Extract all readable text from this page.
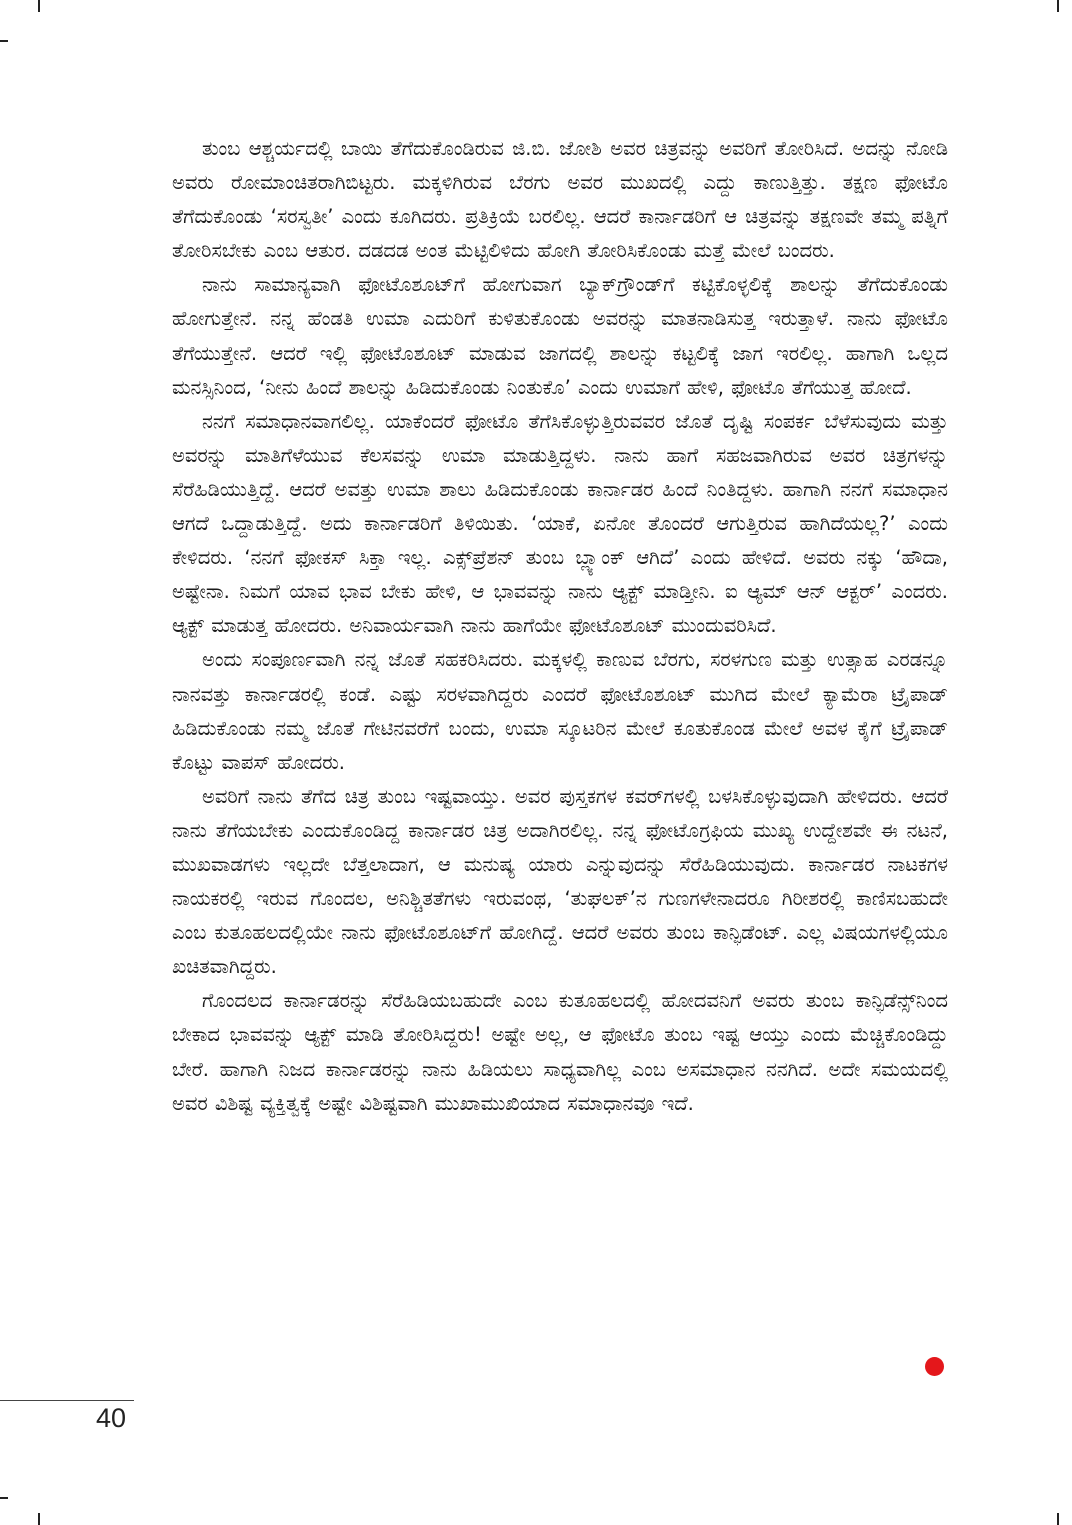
ತುಂಬ ಆಶ್ಚರ್ಯದಲ್ಲಿ ಬಾಯಿ ತೆಗೆದುಕೊಂಡಿರುವ ಜಿ.ಬಿ. ಜೋಶಿ ಅವರ ಚಿತ್ರವನ್ನು ಅವರಿಗೆ ತೋರಿಸಿದೆ. ಅದನ್ನು ನೋಡಿ ಅವರು ರೋಮಾಂಚಿತರಾಗಿಬಿಟ್ಟರು. ಮಕ್ಕಳಿಗಿರುವ ಬೆರಗು ಅವರ ಮುಖದಲ್ಲಿ ಎದ್ದು ಕಾಣುತ್ತಿತ್ತು. ತಕ್ಷಣ ಫೋಟೊ ತೆಗೆದುಕೊಂಡು ‘ಸರಸ್ವತೀ’ ಎಂದು ಕೂಗಿದರು. ಪ್ರತಿಕ್ರಿಯೆ ಬರಲಿಲ್ಲ. ಆದರೆ ಕಾರ್ನಾಡರಿಗೆ ಆ ಚಿತ್ರವನ್ನು ತಕ್ಷಣವೇ ತಮ್ಮ ಪತ್ನಿಗೆ ತೋರಿಸಬೇಕು ಎಂಬ ಆತುರ. ದಡದಡ ಅಂತ ಮೆಟ್ಟಿಲಿಳಿದು ಹೋಗಿ ತೋರಿಸಿಕೊಂಡು ಮತ್ತೆ ಮೇಲೆ ಬಂದರು.

ನಾನು ಸಾಮಾನ್ಯವಾಗಿ ಫೋಟೊಶೂಟ್‌ಗೆ ಹೋಗುವಾಗ ಬ್ಯಾಕ್‌ಗ್ರೌಂಡ್‌ಗೆ ಕಟ್ಟಿಕೊಳ್ಳಲಿಕ್ಕೆ ಶಾಲನ್ನು ತೆಗೆದುಕೊಂಡು ಹೋಗುತ್ತೇನೆ. ನನ್ನ ಹೆಂಡತಿ ಉಮಾ ಎದುರಿಗೆ ಕುಳಿತುಕೊಂಡು ಅವರನ್ನು ಮಾತನಾಡಿಸುತ್ತ ಇರುತ್ತಾಳೆ. ನಾನು ಫೋಟೊ ತೆಗೆಯುತ್ತೇನೆ. ಆದರೆ ಇಲ್ಲಿ ಫೋಟೊಶೂಟ್ ಮಾಡುವ ಜಾಗದಲ್ಲಿ ಶಾಲನ್ನು ಕಟ್ಟಲಿಕ್ಕೆ ಜಾಗ ಇರಲಿಲ್ಲ. ಹಾಗಾಗಿ ಒಲ್ಲದ ಮನಸ್ಸಿನಿಂದ, ‘ನೀನು ಹಿಂದೆ ಶಾಲನ್ನು ಹಿಡಿದುಕೊಂಡು ನಿಂತುಕೊ’ ಎಂದು ಉಮಾಗೆ ಹೇಳಿ, ಫೋಟೊ ತೆಗೆಯುತ್ತ ಹೋದೆ.

ನನಗೆ ಸಮಾಧಾನವಾಗಲಿಲ್ಲ. ಯಾಕೆಂದರೆ ಫೋಟೊ ತೆಗೆಸಿಕೊಳ್ಳುತ್ತಿರುವವರ ಜೊತೆ ದೃಷ್ಟಿ ಸಂಪರ್ಕ ಬೆಳೆಸುವುದು ಮತ್ತು ಅವರನ್ನು ಮಾತಿಗೆಳೆಯುವ ಕೆಲಸವನ್ನು ಉಮಾ ಮಾಡುತ್ತಿದ್ದಳು. ನಾನು ಹಾಗೆ ಸಹಜವಾಗಿರುವ ಅವರ ಚಿತ್ರಗಳನ್ನು ಸೆರೆಹಿಡಿಯುತ್ತಿದ್ದೆ. ಆದರೆ ಅವತ್ತು ಉಮಾ ಶಾಲು ಹಿಡಿದುಕೊಂಡು ಕಾರ್ನಾಡರ ಹಿಂದೆ ನಿಂತಿದ್ದಳು. ಹಾಗಾಗಿ ನನಗೆ ಸಮಾಧಾನ ಆಗದೆ ಒದ್ದಾಡುತ್ತಿದ್ದೆ. ಅದು ಕಾರ್ನಾಡರಿಗೆ ತಿಳಿಯಿತು. ‘ಯಾಕೆ, ಏನೋ ತೊಂದರೆ ಆಗುತ್ತಿರುವ ಹಾಗಿದೆಯಲ್ಲ?’ ಎಂದು ಕೇಳಿದರು. ‘ನನಗೆ ಫೋಕಸ್ ಸಿಕ್ತಾ ಇಲ್ಲ. ಎಕ್ಸ್‌ಪ್ರೆಶನ್ ತುಂಬ ಬ್ಲ್ಯಾಂಕ್ ಆಗಿದೆ’ ಎಂದು ಹೇಳಿದೆ. ಅವರು ನಕ್ಕು ‘ಹೌದಾ, ಅಷ್ಟೇನಾ. ನಿಮಗೆ ಯಾವ ಭಾವ ಬೇಕು ಹೇಳಿ, ಆ ಭಾವವನ್ನು ನಾನು ಆ್ಯಕ್ಟ್ ಮಾಡ್ತೀನಿ. ಐ ಆ್ಯಮ್ ಆನ್ ಆಕ್ಟರ್’ ಎಂದರು. ಆ್ಯಕ್ಟ್ ಮಾಡುತ್ತ ಹೋದರು. ಅನಿವಾರ್ಯವಾಗಿ ನಾನು ಹಾಗೆಯೇ ಫೋಟೊಶೂಟ್ ಮುಂದುವರಿಸಿದೆ.

ಅಂದು ಸಂಪೂರ್ಣವಾಗಿ ನನ್ನ ಜೊತೆ ಸಹಕರಿಸಿದರು. ಮಕ್ಕಳಲ್ಲಿ ಕಾಣುವ ಬೆರಗು, ಸರಳಗುಣ ಮತ್ತು ಉತ್ಸಾಹ ಎರಡನ್ನೂ ನಾನವತ್ತು ಕಾರ್ನಾಡರಲ್ಲಿ ಕಂಡೆ. ಎಷ್ಟು ಸರಳವಾಗಿದ್ದರು ಎಂದರೆ ಫೋಟೊಶೂಟ್ ಮುಗಿದ ಮೇಲೆ ಕ್ಯಾಮೆರಾ ಟ್ರೈಪಾಡ್ ಹಿಡಿದುಕೊಂಡು ನಮ್ಮ ಜೊತೆ ಗೇಟಿನವರೆಗೆ ಬಂದು, ಉಮಾ ಸ್ಕೂಟರಿನ ಮೇಲೆ ಕೂತುಕೊಂಡ ಮೇಲೆ ಅವಳ ಕೈಗೆ ಟ್ರೈಪಾಡ್ ಕೊಟ್ಟು ವಾಪಸ್ ಹೋದರು.

ಅವರಿಗೆ ನಾನು ತೆಗೆದ ಚಿತ್ರ ತುಂಬ ಇಷ್ಟವಾಯ್ತು. ಅವರ ಪುಸ್ತಕಗಳ ಕವರ್‌ಗಳಲ್ಲಿ ಬಳಸಿಕೊಳ್ಳುವುದಾಗಿ ಹೇಳಿದರು. ಆದರೆ ನಾನು ತೆಗೆಯಬೇಕು ಎಂದುಕೊಂಡಿದ್ದ ಕಾರ್ನಾಡರ ಚಿತ್ರ ಅದಾಗಿರಲಿಲ್ಲ. ನನ್ನ ಫೋಟೊಗ್ರಫಿಯ ಮುಖ್ಯ ಉದ್ದೇಶವೇ ಈ ನಟನೆ, ಮುಖವಾಡಗಳು ಇಲ್ಲದೇ ಬೆತ್ತಲಾದಾಗ, ಆ ಮನುಷ್ಯ ಯಾರು ಎನ್ನುವುದನ್ನು ಸೆರೆಹಿಡಿಯುವುದು. ಕಾರ್ನಾಡರ ನಾಟಕಗಳ ನಾಯಕರಲ್ಲಿ ಇರುವ ಗೊಂದಲ, ಅನಿಶ್ಚಿತತೆಗಳು ಇರುವಂಥ, ‘ತುಘಲಕ್’ನ ಗುಣಗಳೇನಾದರೂ ಗಿರೀಶರಲ್ಲಿ ಕಾಣಿಸಬಹುದೇ ಎಂಬ ಕುತೂಹಲದಲ್ಲಿಯೇ ನಾನು ಫೋಟೊಶೂಟ್‌ಗೆ ಹೋಗಿದ್ದೆ. ಆದರೆ ಅವರು ತುಂಬ ಕಾನ್ಫಿಡೆಂಟ್. ಎಲ್ಲ ವಿಷಯಗಳಲ್ಲಿಯೂ ಖಚಿತವಾಗಿದ್ದರು.

ಗೊಂದಲದ ಕಾರ್ನಾಡರನ್ನು ಸೆರೆಹಿಡಿಯಬಹುದೇ ಎಂಬ ಕುತೂಹಲದಲ್ಲಿ ಹೋದವನಿಗೆ ಅವರು ತುಂಬ ಕಾನ್ಫಿಡೆನ್ಸ್‌ನಿಂದ ಬೇಕಾದ ಭಾವವನ್ನು ಆ್ಯಕ್ಟ್ ಮಾಡಿ ತೋರಿಸಿದ್ದರು! ಅಷ್ಟೇ ಅಲ್ಲ, ಆ ಫೋಟೊ ತುಂಬ ಇಷ್ಟ ಆಯ್ತು ಎಂದು ಮೆಚ್ಚಿಕೊಂಡಿದ್ದು ಬೇರೆ. ಹಾಗಾಗಿ ನಿಜದ ಕಾರ್ನಾಡರನ್ನು ನಾನು ಹಿಡಿಯಲು ಸಾಧ್ಯವಾಗಿಲ್ಲ ಎಂಬ ಅಸಮಾಧಾನ ನನಗಿದೆ. ಅದೇ ಸಮಯದಲ್ಲಿ ಅವರ ವಿಶಿಷ್ಟ ವ್ಯಕ್ತಿತ್ವಕ್ಕೆ ಅಷ್ಟೇ ವಿಶಿಷ್ಟವಾಗಿ ಮುಖಾಮುಖಿಯಾದ ಸಮಾಧಾನವೂ ಇದೆ.

40
